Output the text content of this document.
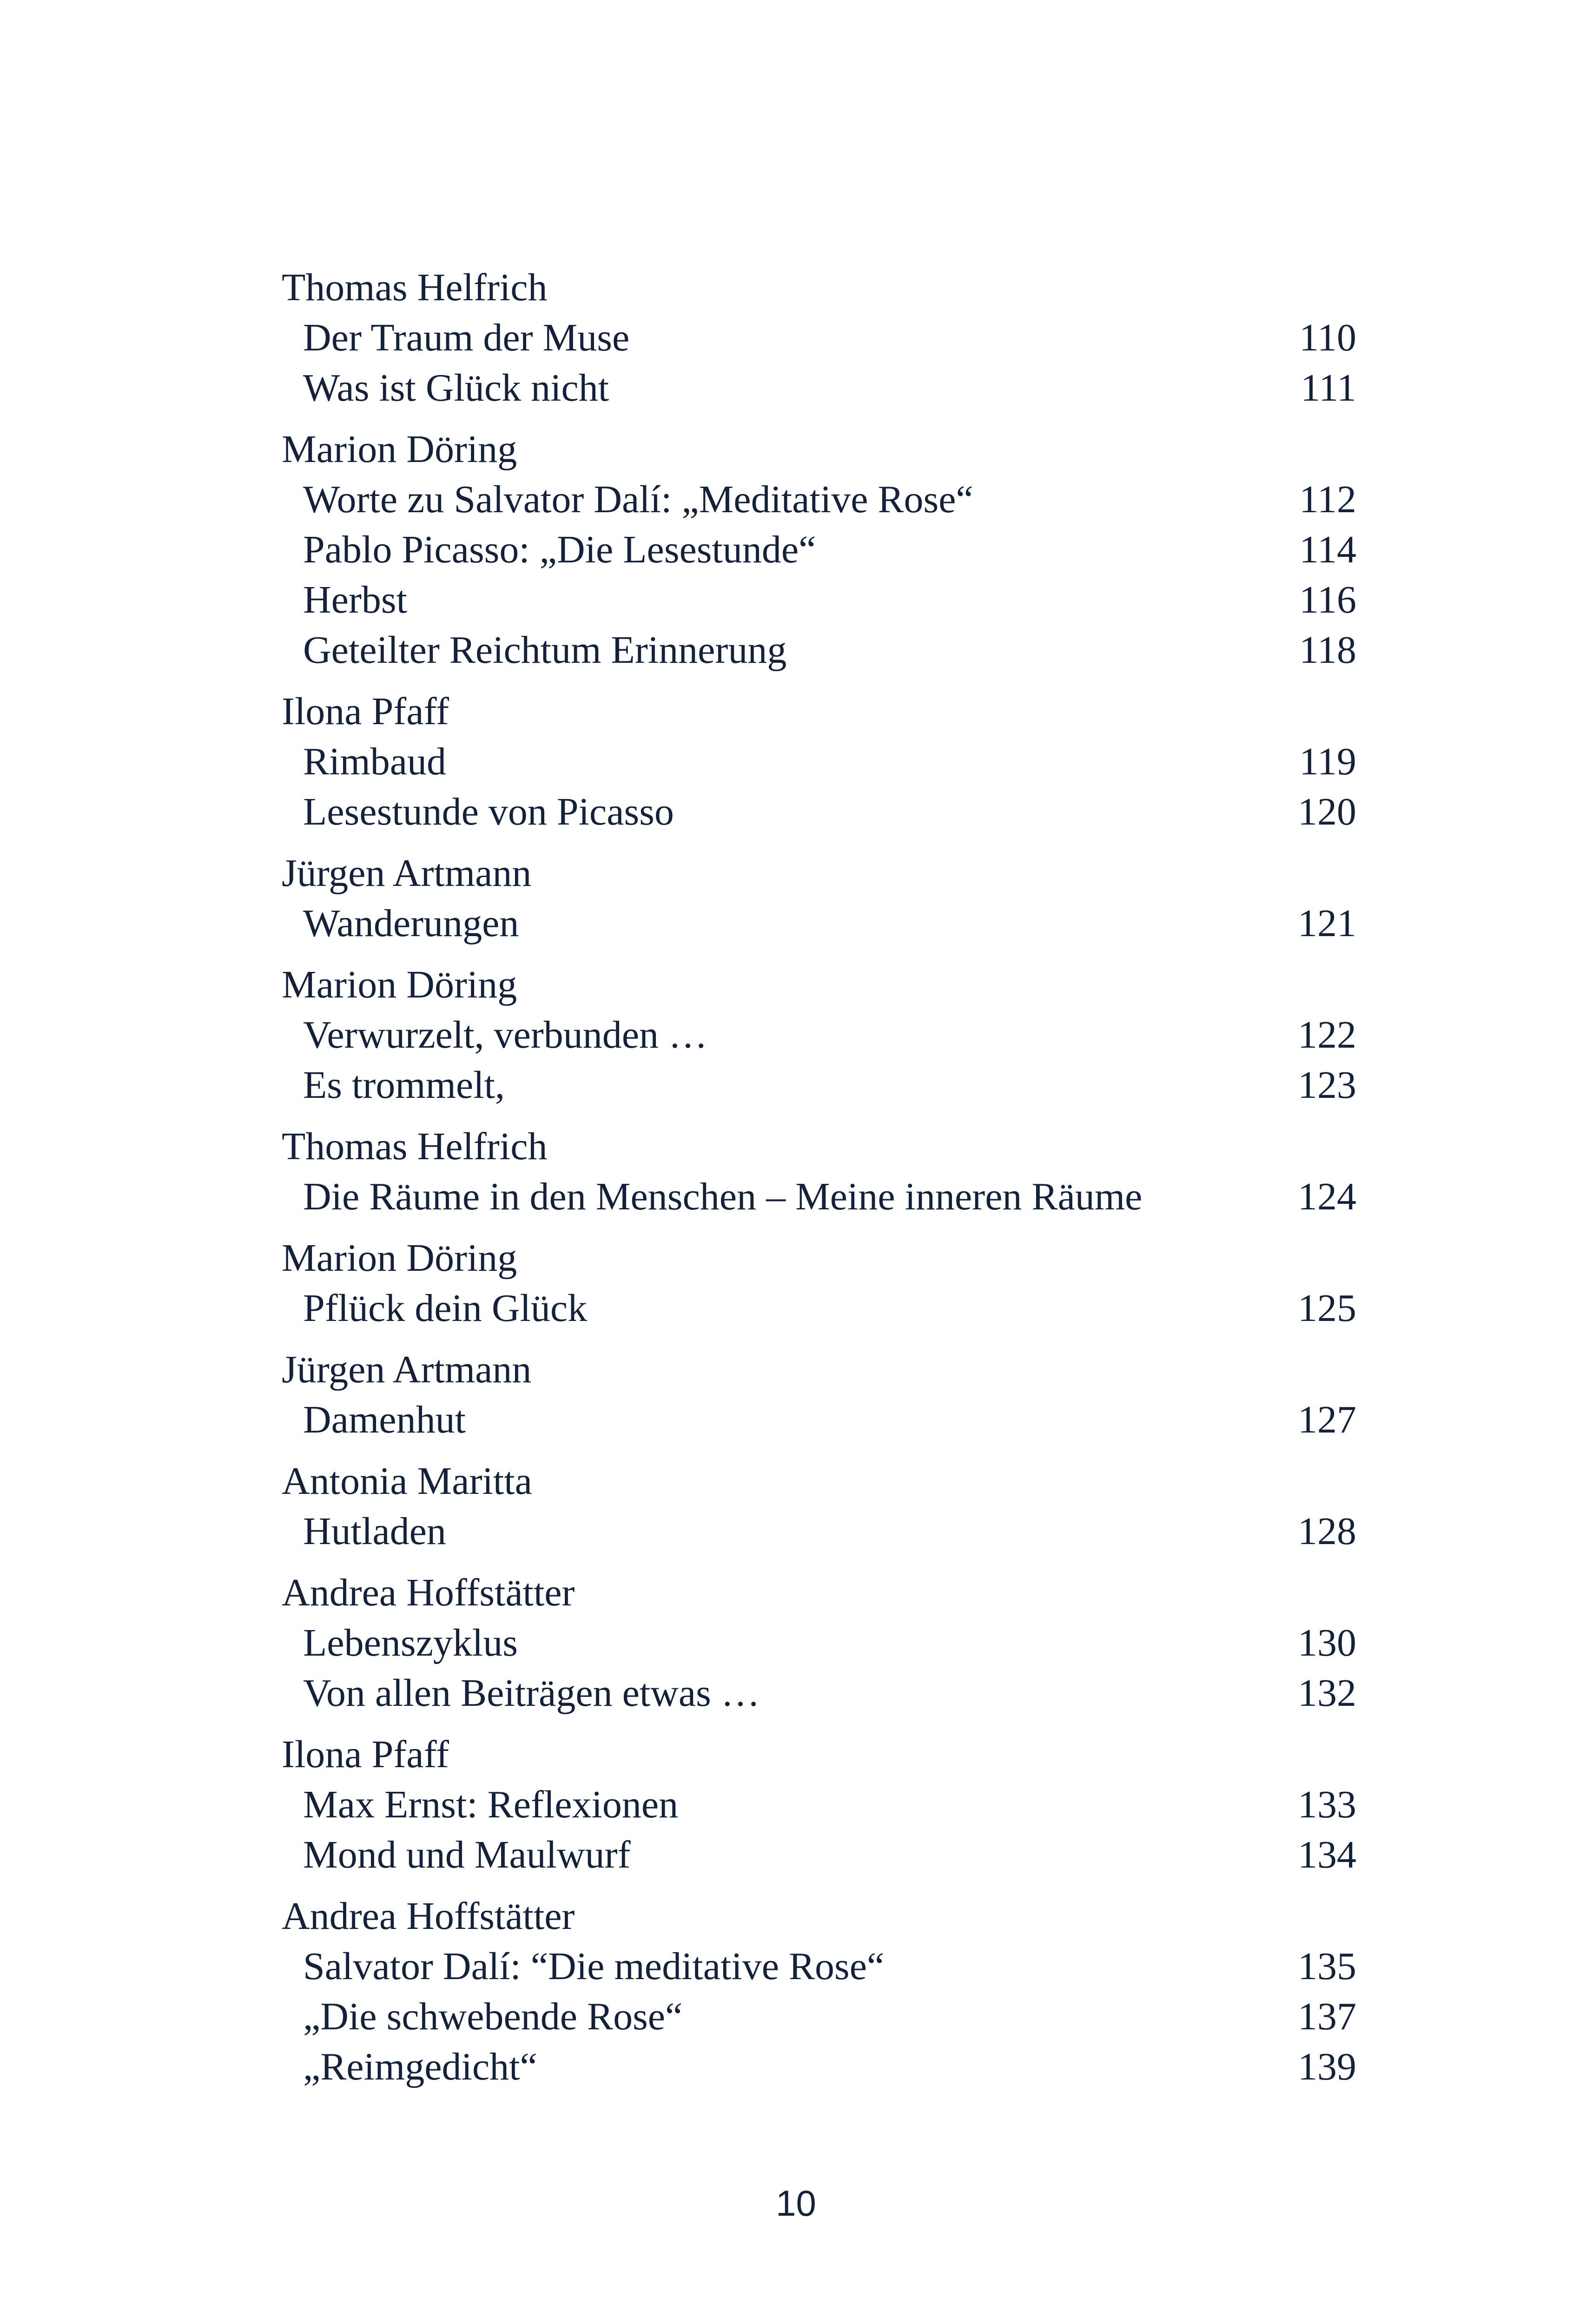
Thomas Helfrich
Der Traum der Muse	110
Was ist Glück nicht	111
Marion Döring
Worte zu Salvator Dalí: „Meditative Rose“	112
Pablo Picasso: „Die Lesestunde“	114
Herbst	116
Geteilter Reichtum Erinnerung	118
Ilona Pfaff
Rimbaud	119
Lesestunde von Picasso	120
Jürgen Artmann
Wanderungen	121
Marion Döring
Verwurzelt, verbunden …	122
Es trommelt,	123
Thomas Helfrich
Die Räume in den Menschen – Meine inneren Räume	124
Marion Döring
Pflück dein Glück	125
Jürgen Artmann
Damenhut	127
Antonia Maritta
Hutladen	128
Andrea Hoffstätter
Lebenszyklus	130
Von allen Beiträgen etwas …	132
Ilona Pfaff
Max Ernst: Reflexionen	133
Mond und Maulwurf	134
Andrea Hoffstätter
Salvator Dalí: “Die meditative Rose“	135
„Die schwebende Rose“	137
„Reimgedicht“	139
10
